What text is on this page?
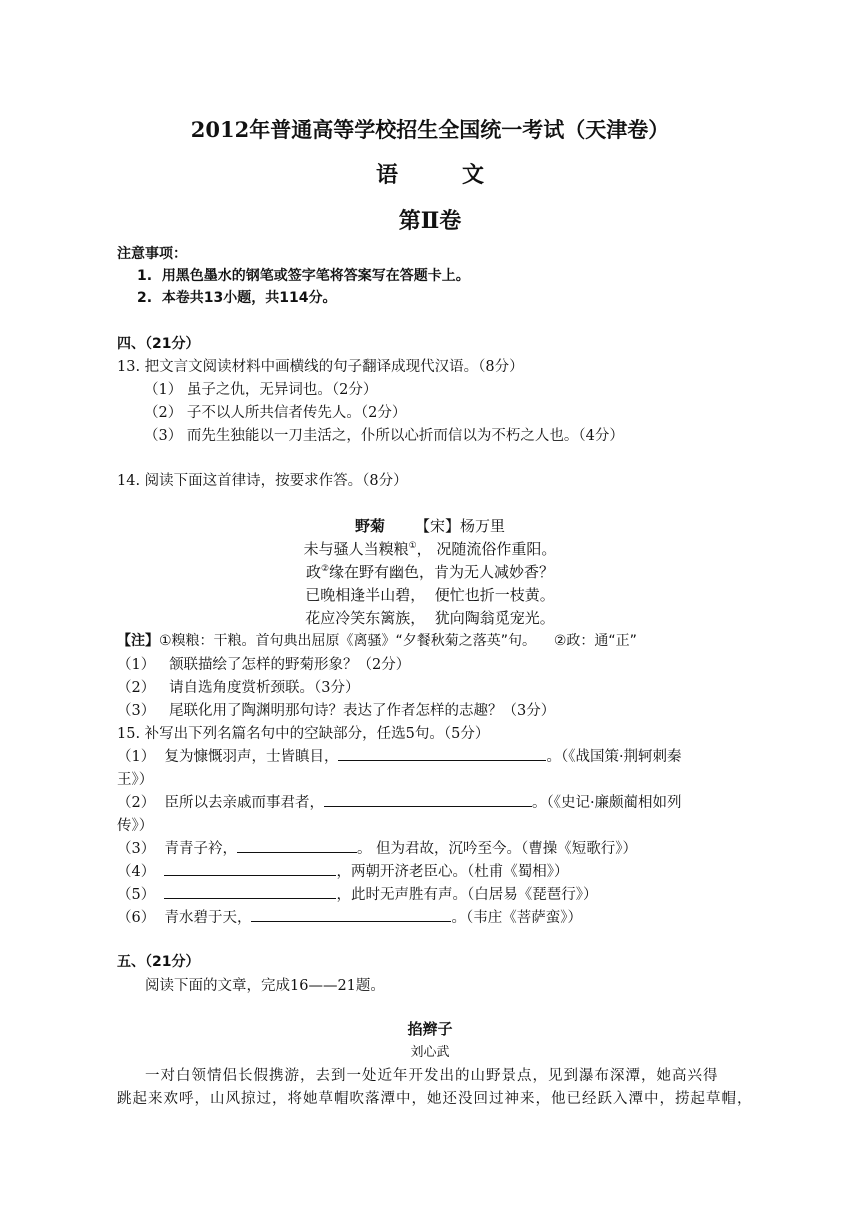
2012年普通高等学校招生全国统一考试（天津卷）
语	文
第Ⅱ卷
注意事项：
1. 用黑色墨水的钢笔或签字笔将答案写在答题卡上。
2. 本卷共13小题，共114分。
四、（21分）
13. 把文言文阅读材料中画横线的句子翻译成现代汉语。（8分）
（1） 虽子之仇，无异词也。（2分）
（2） 子不以人所共信者传先人。（2分）
（3） 而先生独能以一刀圭活之，仆所以心折而信以为不朽之人也。（4分）
14. 阅读下面这首律诗，按要求作答。（8分）
野菊 【宋】杨万里
未与骚人当糗粮①， 况随流俗作重阳。
政②缘在野有幽色，肯为无人减妙香？
已晚相逢半山碧， 便忙也折一枝黄。
花应冷笑东篱族， 犹向陶翁觅宠光。
【注】①糗粮：干粮。首句典出屈原《离骚》“夕餐秋菊之落英”句。 ②政：通“正”
（1） 颔联描绘了怎样的野菊形象？（2分）
（2） 请自选角度赏析颈联。（3分）
（3） 尾联化用了陶渊明那句诗？表达了作者怎样的志趣？（3分）
15. 补写出下列名篇名句中的空缺部分，任选5句。（5分）
（1） 复为慷慨羽声，士皆瞋目，	。（《战国策·荆轲刺秦
王》）
（2） 臣所以去亲戚而事君者，	。（《史记·廉颇蔺相如列
传》）
（3） 青青子衿，	。 但为君故，沉吟至今。（曹操《短歌行》）
（4）	，两朝开济老臣心。（杜甫《蜀相》）
（5）	，此时无声胜有声。（白居易《琵琶行》）
（6） 青水碧于天，	。（韦庄《菩萨蛮》）
五、（21分）
阅读下面的文章，完成16——21题。
掐辫子
刘心武
一对白领情侣长假携游，去到一处近年开发出的山野景点，见到瀑布深潭，她高兴得
跳起来欢呼，山风掠过，将她草帽吹落潭中，她还没回过神来，他已经跃入潭中，捞起草帽，
